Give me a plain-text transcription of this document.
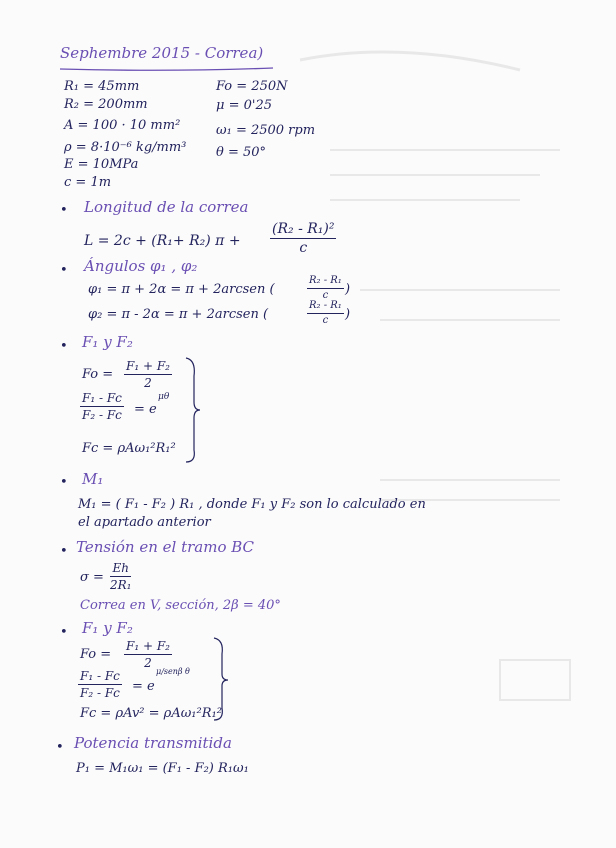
Sephembre 2015 - Correa)
R₁ = 45mm
R₂ = 200mm
A = 100 · 10 mm²
ρ = 8·10⁻⁶ kg/mm³
E = 10MPa
c = 1m
Fo = 250N
μ = 0'25
ω₁ = 2500 rpm
θ = 50°
• Longitud de la correa
L = 2c + (R₁+ R₂) $\pi + \frac{\text{(R₂ - R₁)²}}{c}$
• Ángulos φ₁ , φ₂
φ₁ = π + 2α = π + 2arcsen (	$\frac{\text{R₂ - R₁}}{c}$ )
φ₂ = π - 2α = π + 2arcsen (	$\frac{\text{R₂ - R₁}}{c}$ )
• F₁ y F₂
$Fo = \frac{\text{F₁ + F₂}}{2}$
$\frac{\text{F₁ - Fc}}{\text{F₂ - Fc}} = e$
μθ
Fc = ρAω₁²R₁²
• M₁
M₁ = ( F₁ - F₂ ) R₁ , donde F₁ y F₂ son lo calculado en
el apartado anterior
• Tensión en el tramo BC
$\sigma = \frac{Eh}{\text{2R₁}}$
Correa en V, sección, 2β = 40°
• F₁ y F₂
$Fo = \frac{\text{F₁ + F₂}}{2}$
$\frac{\text{F₁ - Fc}}{\text{F₂ - Fc}} = e$
μ/senβ θ
Fc = ρAv² = ρAω₁²R₁²
• Potencia transmitida
P₁ = M₁ω₁ = (F₁ - F₂) R₁ω₁
